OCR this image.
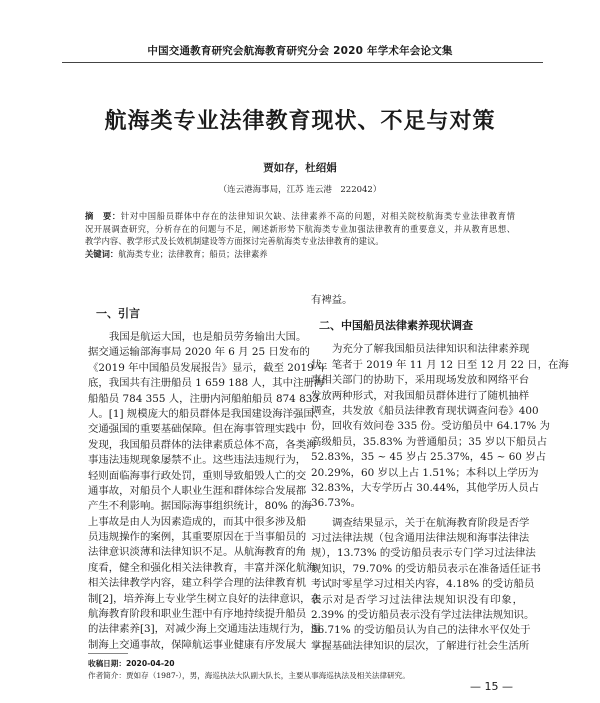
中国交通教育研究会航海教育研究分会 2020 年学术年会论文集
航海类专业法律教育现状、不足与对策
贾如存，杜绍娟
（连云港海事局，江苏 连云港　222042）
摘　要：针对中国船员群体中存在的法律知识欠缺、法律素养不高的问题，对相关院校航海类专业法律教育情
况开展调查研究，分析存在的问题与不足，阐述新形势下航海类专业加强法律教育的重要意义，并从教育思想、
教学内容、教学形式及长效机制建设等方面探讨完善航海类专业法律教育的建议。
关键词：航海类专业；法律教育；船员；法律素养
一、引言
我国是航运大国，也是船员劳务输出大国。
据交通运输部海事局 2020 年 6 月 25 日发布的
《2019 年中国船员发展报告》显示，截至 2019 年
底，我国共有注册船员 1 659 188 人，其中注册海
船船员 784 355 人，注册内河船舶船员 874 833
人。[1] 规模庞大的船员群体是我国建设海洋强国、
交通强国的重要基础保障。但在海事管理实践中
发现，我国船员群体的法律素质总体不高，各类海
事违法违规现象屡禁不止。这些违法违规行为，
轻则面临海事行政处罚，重则导致船毁人亡的交
通事故，对船员个人职业生涯和群体综合发展都
产生不利影响。据国际海事组织统计，80% 的海
上事故是由人为因素造成的，而其中很多涉及船
员违规操作的案例，其重要原因在于当事船员的
法律意识淡薄和法律知识不足。从航海教育的角
度看，健全和强化相关法律教育，丰富并深化航海
相关法律教学内容，建立科学合理的法律教育机
制[2]，培养海上专业学生树立良好的法律意识，在
航海教育阶段和职业生涯中有序地持续提升船员
的法律素养[3]，对减少海上交通违法违规行为，遏
制海上交通事故，保障航运事业健康有序发展大
有裨益。
二、中国船员法律素养现状调查
为充分了解我国船员法律知识和法律素养现
状，笔者于 2019 年 11 月 12 日至 12 月 22 日，在海
事相关部门的协助下，采用现场发放和网络平台
发放两种形式，对我国船员群体进行了随机抽样
调查，共发放《船员法律教育现状调查问卷》400
份，回收有效问卷 335 份。受访船员中 64.17% 为
高级船员，35.83% 为普通船员；35 岁以下船员占
52.83%，35 ~ 45 岁占 25.37%，45 ~ 60 岁占
20.29%，60 岁以上占 1.51%；本科以上学历为
32.83%，大专学历占 30.44%，其他学历人员占
36.73%。
调查结果显示，关于在航海教育阶段是否学
习过法律法规（包含通用法律法规和海事法律法
规），13.73% 的受访船员表示专门学习过法律法
规知识，79.70% 的受访船员表示在准备适任证书
考试时零星学习过相关内容，4.18% 的受访船员
表示对是否学习过法律法规知识没有印象，
2.39% 的受访船员表示没有学过法律法规知识。
56.71% 的受访船员认为自己的法律水平仅处于
掌握基础法律知识的层次，了解进行社会生活所
收稿日期：2020-04-20
作者简介：贾如存（1987-），男，海巡执法大队副大队长，主要从事海巡执法及相关法律研究。
— 15 —
